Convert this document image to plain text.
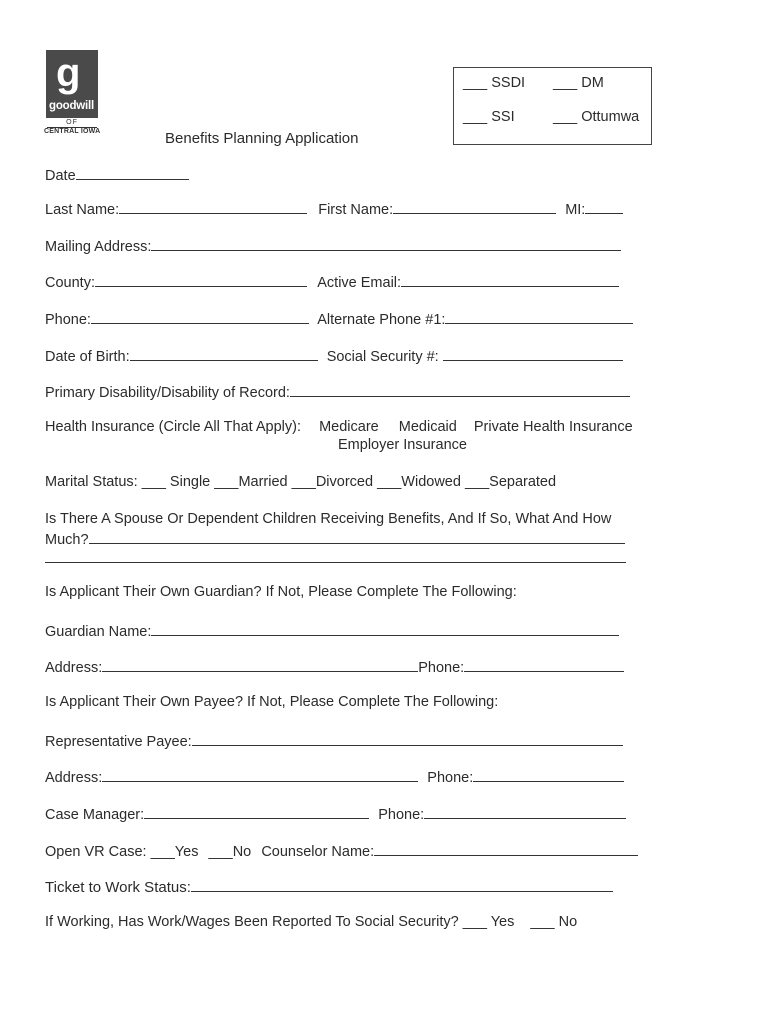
g
goodwill
OF
CENTRAL IOWA	Benefits Planning Application
___ SSDI ___ DM
___ SSI	___ Ottumwa
Date
Last Name:	First Name:	MI:
Mailing Address:
County:	Active Email:
Phone:	Alternate Phone #1:
Date of Birth:	Social Security #:
Primary Disability/Disability of Record:
Health Insurance (Circle All That Apply): Medicare Medicaid Private Health Insurance
Employer Insurance
Marital Status: ___ Single ___Married ___Divorced ___Widowed ___Separated
Is There A Spouse Or Dependent Children Receiving Benefits, And If So, What And How
Much?
Is Applicant Their Own Guardian? If Not, Please Complete The Following:
Guardian Name:
Address:	Phone:
Is Applicant Their Own Payee? If Not, Please Complete The Following:
Representative Payee:
Address:	Phone:
Case Manager:	Phone:
Open VR Case: ___Yes ___No Counselor Name:
Ticket to Work Status:
If Working, Has Work/Wages Been Reported To Social Security? ___ Yes ___ No
